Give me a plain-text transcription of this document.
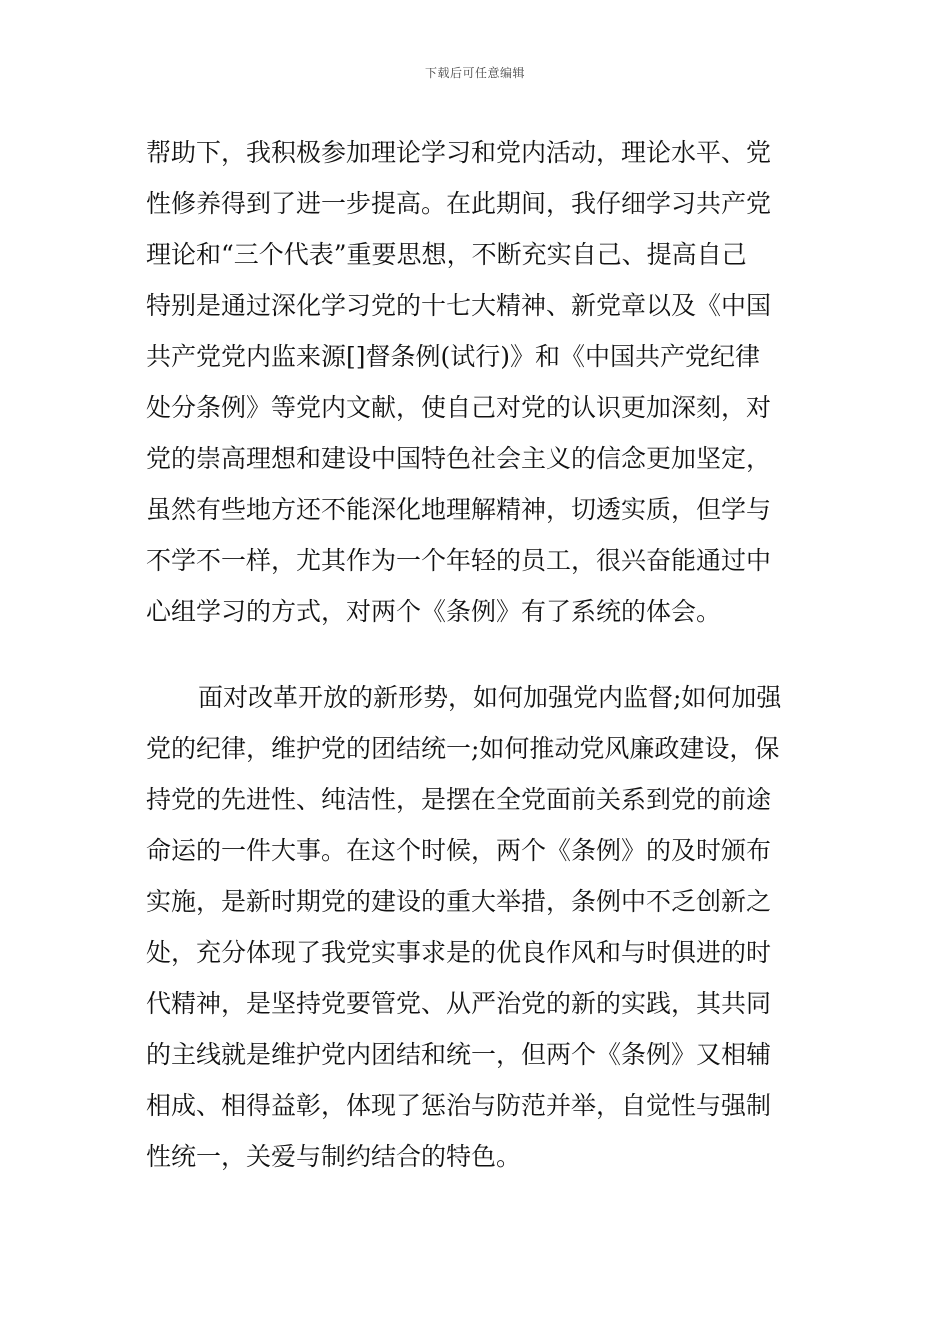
下载后可任意编辑
帮助下，我积极参加理论学习和党内活动，理论水平、党
性修养得到了进一步提高。在此期间，我仔细学习共产党
理论和“三个代表”重要思想，不断充实自己、提高自己
特别是通过深化学习党的十七大精神、新党章以及《中国
共产党党内监来源[]督条例(试行)》和《中国共产党纪律
处分条例》等党内文献，使自己对党的认识更加深刻，对
党的崇高理想和建设中国特色社会主义的信念更加坚定，
虽然有些地方还不能深化地理解精神，切透实质，但学与
不学不一样，尤其作为一个年轻的员工，很兴奋能通过中
心组学习的方式，对两个《条例》有了系统的体会。
面对改革开放的新形势，如何加强党内监督;如何加强
党的纪律，维护党的团结统一;如何推动党风廉政建设，保
持党的先进性、纯洁性，是摆在全党面前关系到党的前途
命运的一件大事。在这个时候，两个《条例》的及时颁布
实施，是新时期党的建设的重大举措，条例中不乏创新之
处，充分体现了我党实事求是的优良作风和与时俱进的时
代精神，是坚持党要管党、从严治党的新的实践，其共同
的主线就是维护党内团结和统一，但两个《条例》又相辅
相成、相得益彰，体现了惩治与防范并举，自觉性与强制
性统一，关爱与制约结合的特色。
